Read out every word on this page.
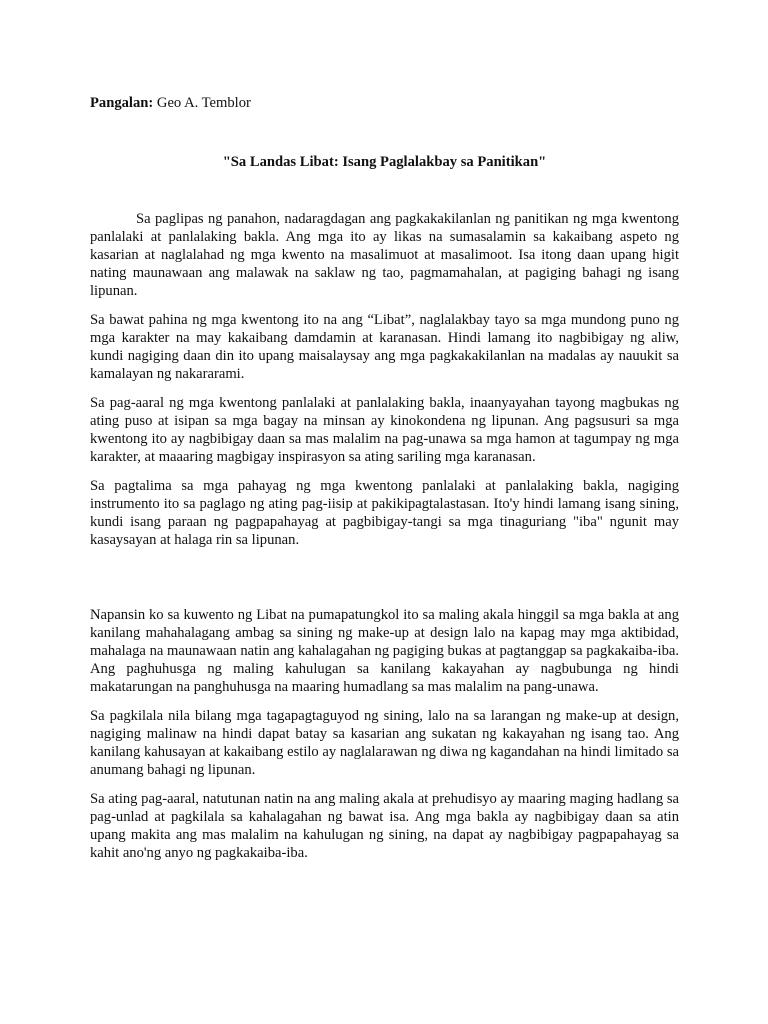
Pangalan: Geo A. Temblor
"Sa Landas Libat: Isang Paglalakbay sa Panitikan"

Sa paglipas ng panahon, nadaragdagan ang pagkakakilanlan ng panitikan ng mga kwentong panlalaki at panlalaking bakla. Ang mga ito ay likas na sumasalamin sa kakaibang aspeto ng kasarian at naglalahad ng mga kwento na masalimuot at masalimoot. Isa itong daan upang higit nating maunawaan ang malawak na saklaw ng tao, pagmamahalan, at pagiging bahagi ng isang lipunan.

Sa bawat pahina ng mga kwentong ito na ang “Libat”, naglalakbay tayo sa mga mundong puno ng mga karakter na may kakaibang damdamin at karanasan. Hindi lamang ito nagbibigay ng aliw, kundi nagiging daan din ito upang maisalaysay ang mga pagkakakilanlan na madalas ay nauukit sa kamalayan ng nakararami.

Sa pag-aaral ng mga kwentong panlalaki at panlalaking bakla, inaanyayahan tayong magbukas ng ating puso at isipan sa mga bagay na minsan ay kinokondena ng lipunan. Ang pagsusuri sa mga kwentong ito ay nagbibigay daan sa mas malalim na pag-unawa sa mga hamon at tagumpay ng mga karakter, at maaaring magbigay inspirasyon sa ating sariling mga karanasan.

Sa pagtalima sa mga pahayag ng mga kwentong panlalaki at panlalaking bakla, nagiging instrumento ito sa paglago ng ating pag-iisip at pakikipagtalastasan. Ito'y hindi lamang isang sining, kundi isang paraan ng pagpapahayag at pagbibigay-tangi sa mga tinaguriang "iba" ngunit may kasaysayan at halaga rin sa lipunan.

Napansin ko sa kuwento ng Libat na pumapatungkol ito sa maling akala hinggil sa mga bakla at ang kanilang mahahalagang ambag sa sining ng make-up at design lalo na kapag may mga aktibidad, mahalaga na maunawaan natin ang kahalagahan ng pagiging bukas at pagtanggap sa pagkakaiba-iba. Ang paghuhusga ng maling kahulugan sa kanilang kakayahan ay nagbubunga ng hindi makatarungan na panghuhusga na maaring humadlang sa mas malalim na pang-unawa.

Sa pagkilala nila bilang mga tagapagtaguyod ng sining, lalo na sa larangan ng make-up at design, nagiging malinaw na hindi dapat batay sa kasarian ang sukatan ng kakayahan ng isang tao. Ang kanilang kahusayan at kakaibang estilo ay naglalarawan ng diwa ng kagandahan na hindi limitado sa anumang bahagi ng lipunan.

Sa ating pag-aaral, natutunan natin na ang maling akala at prehudisyo ay maaring maging hadlang sa pag-unlad at pagkilala sa kahalagahan ng bawat isa. Ang mga bakla ay nagbibigay daan sa atin upang makita ang mas malalim na kahulugan ng sining, na dapat ay nagbibigay pagpapahayag sa kahit ano'ng anyo ng pagkakaiba-iba.
